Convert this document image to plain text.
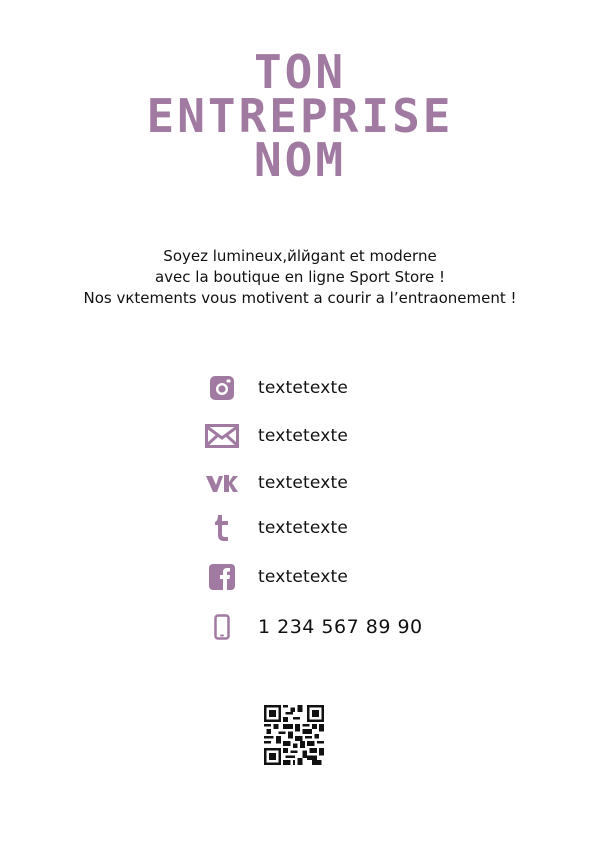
TON
ENTREPRISE
NOM
Soyez lumineux,йlйgant et moderne
avec la boutique en ligne Sport Store !
Nos vкtements vous motivent a courir a l’entraonement !
textetexte
textetexte
textetexte
textetexte
textetexte
1 234 567 89 90
